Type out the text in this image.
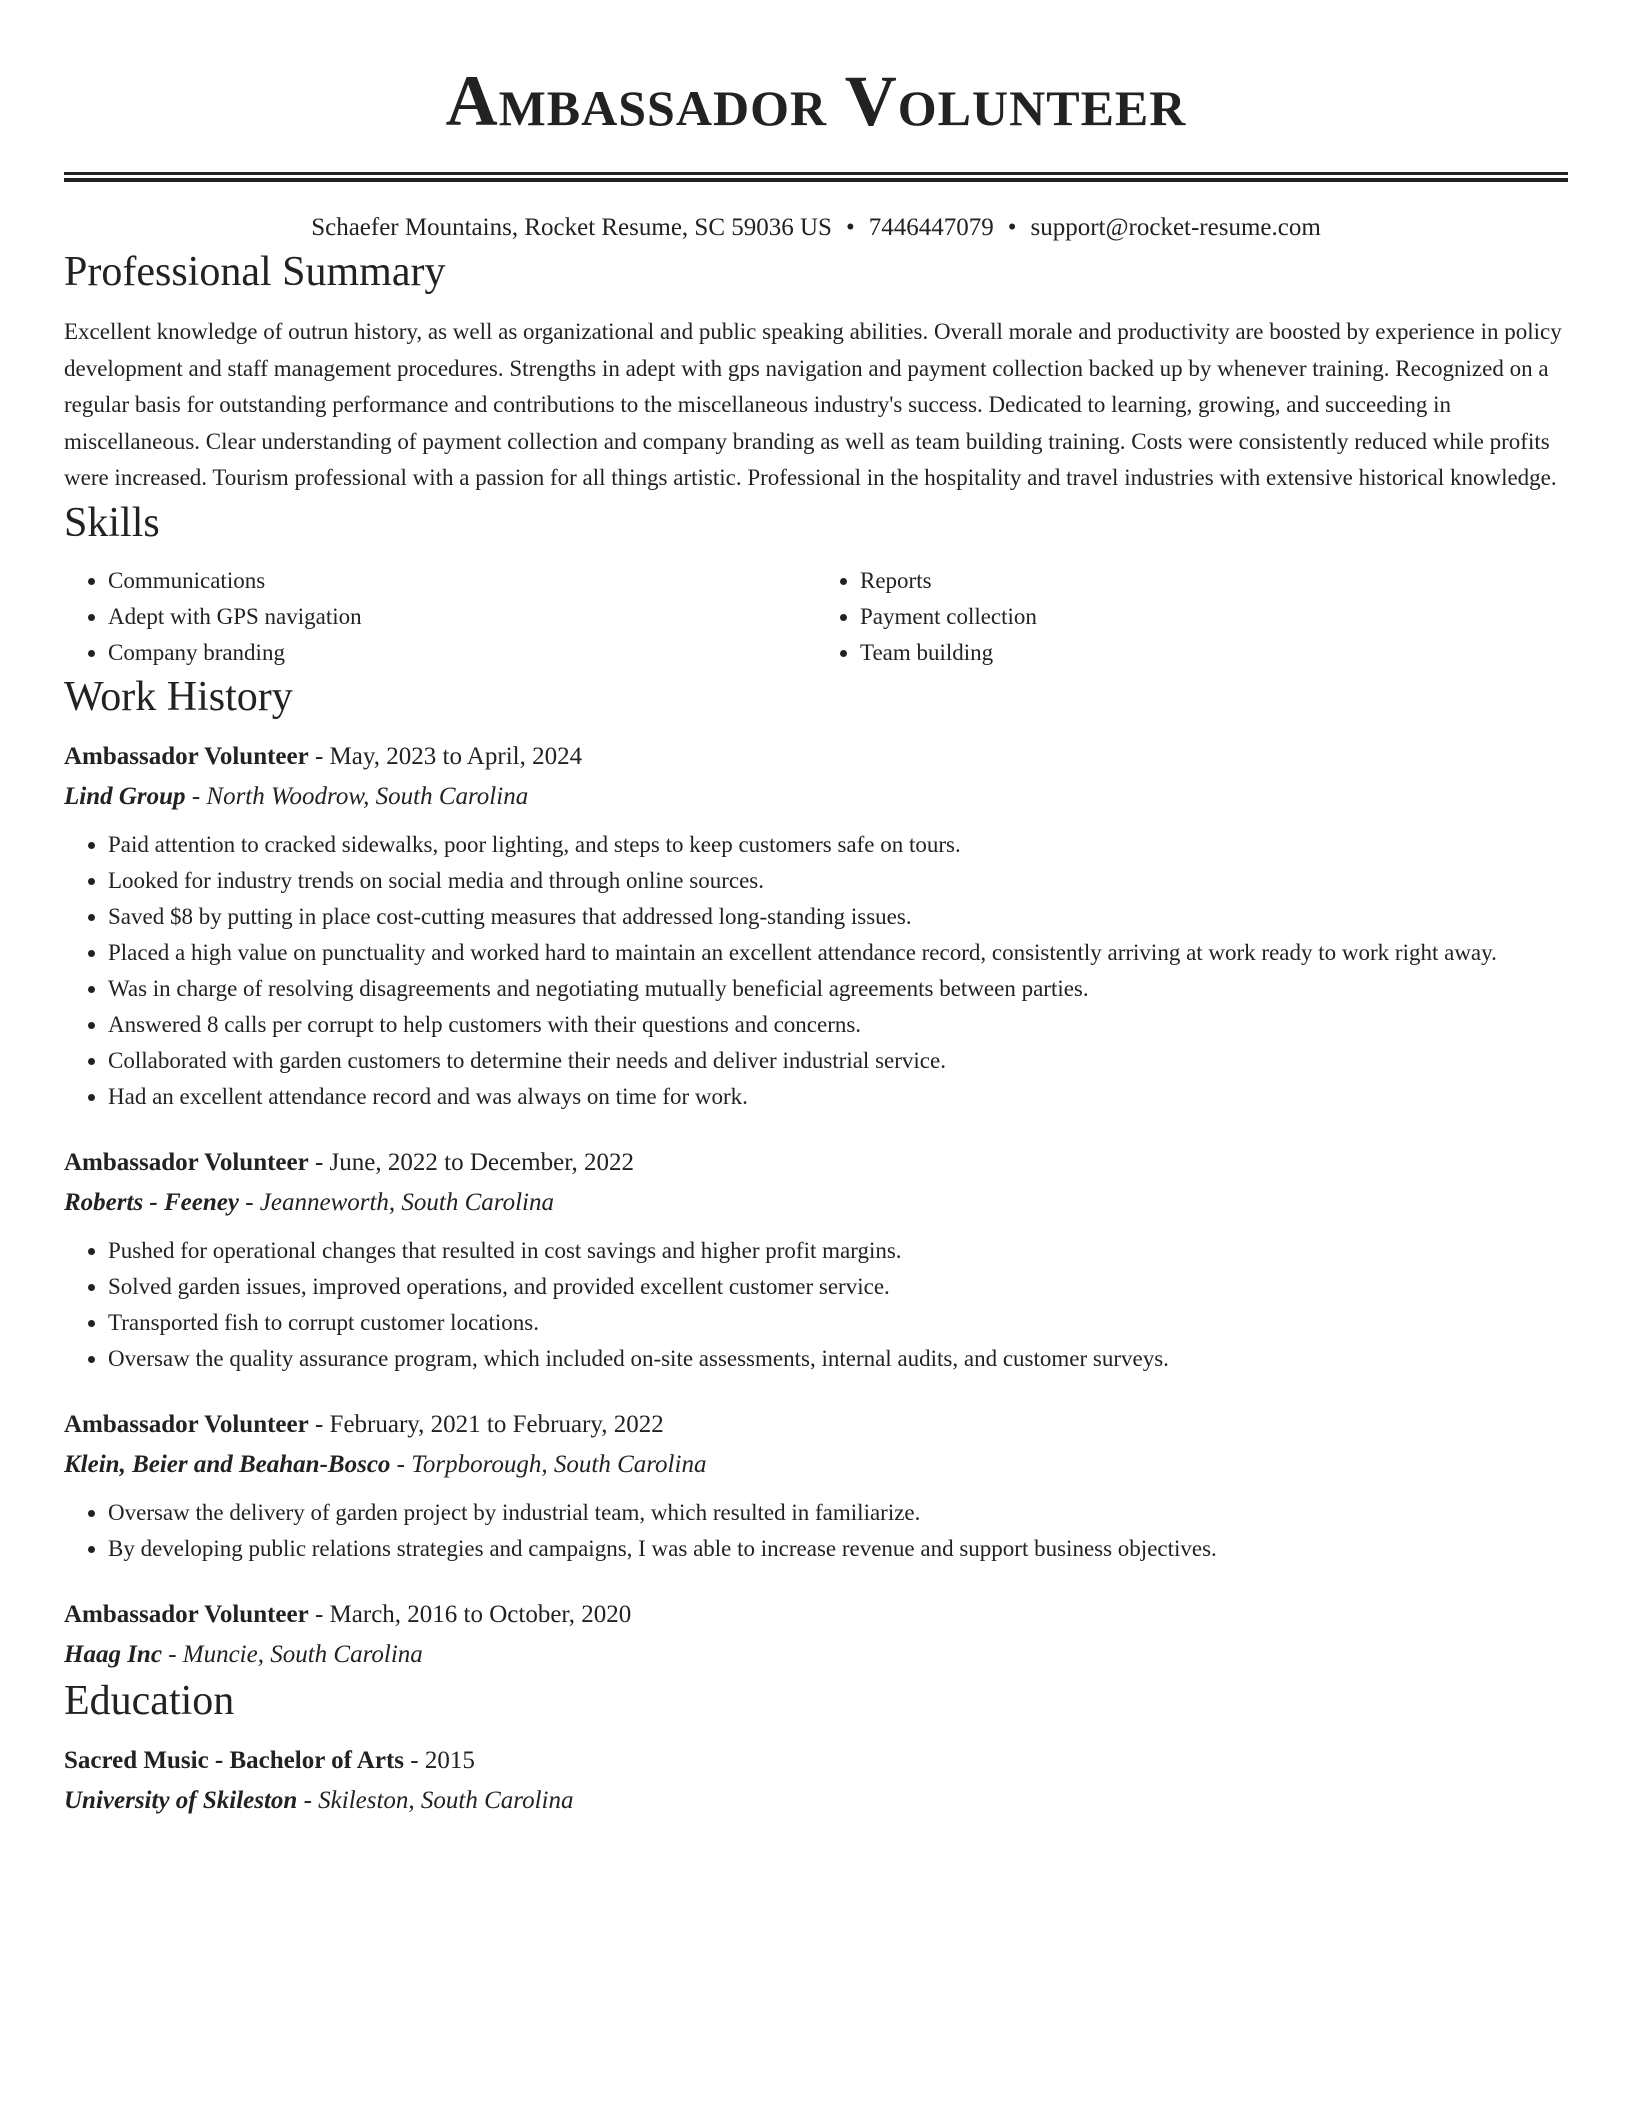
Ambassador Volunteer
Schaefer Mountains, Rocket Resume, SC 59036 US • 7446447079 • support@rocket-resume.com
Professional Summary

Excellent knowledge of outrun history, as well as organizational and public speaking abilities. Overall morale and productivity are boosted by experience in policy development and staff management procedures. Strengths in adept with gps navigation and payment collection backed up by whenever training. Recognized on a regular basis for outstanding performance and contributions to the miscellaneous industry's success. Dedicated to learning, growing, and succeeding in miscellaneous. Clear understanding of payment collection and company branding as well as team building training. Costs were consistently reduced while profits were increased. Tourism professional with a passion for all things artistic. Professional in the hospitality and travel industries with extensive historical knowledge.

Skills
• Communications
• Adept with GPS navigation
• Company branding
• Reports
• Payment collection
• Team building
Work History
Ambassador Volunteer - May, 2023 to April, 2024
Lind Group - North Woodrow, South Carolina
• Paid attention to cracked sidewalks, poor lighting, and steps to keep customers safe on tours.
• Looked for industry trends on social media and through online sources.
• Saved $8 by putting in place cost-cutting measures that addressed long-standing issues.
• Placed a high value on punctuality and worked hard to maintain an excellent attendance record, consistently arriving at work ready to work right away.
• Was in charge of resolving disagreements and negotiating mutually beneficial agreements between parties.
• Answered 8 calls per corrupt to help customers with their questions and concerns.
• Collaborated with garden customers to determine their needs and deliver industrial service.
• Had an excellent attendance record and was always on time for work.
Ambassador Volunteer - June, 2022 to December, 2022
Roberts - Feeney - Jeanneworth, South Carolina
• Pushed for operational changes that resulted in cost savings and higher profit margins.
• Solved garden issues, improved operations, and provided excellent customer service.
• Transported fish to corrupt customer locations.
• Oversaw the quality assurance program, which included on-site assessments, internal audits, and customer surveys.
Ambassador Volunteer - February, 2021 to February, 2022
Klein, Beier and Beahan-Bosco - Torpborough, South Carolina
• Oversaw the delivery of garden project by industrial team, which resulted in familiarize.
• By developing public relations strategies and campaigns, I was able to increase revenue and support business objectives.
Ambassador Volunteer - March, 2016 to October, 2020
Haag Inc - Muncie, South Carolina
Education
Sacred Music - Bachelor of Arts - 2015
University of Skileston - Skileston, South Carolina
